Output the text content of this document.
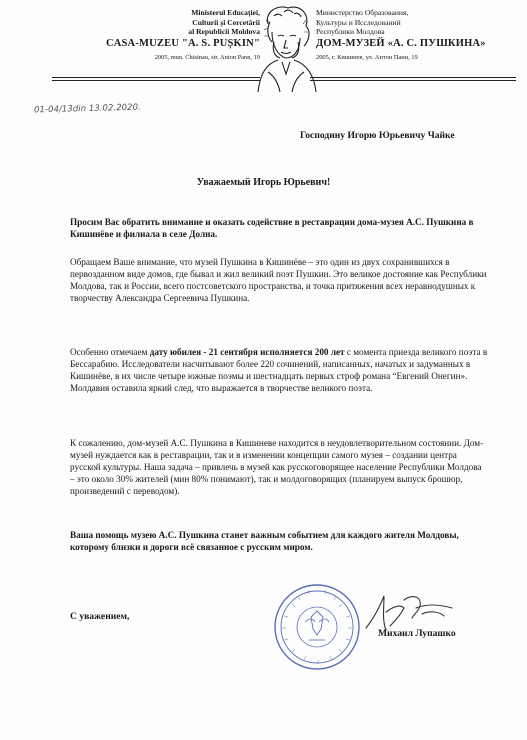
Ministerul Educației,
Culturii și Cercetării
al Republicii Moldova
CASA-MUZEU "A. S. PUȘKIN"
2005, mun. Chisinau, str. Anton Pann, 19
Министерство Образования,
Культуры и Исследований
Республики Молдова
ДОМ-МУЗЕЙ «А. С. ПУШКИНА»
2005, г. Кишинев, ул. Антон Панн, 19
01-04/13din 13.02.2020.
Господину Игорю Юрьевичу Чайке
Уважаемый Игорь Юрьевич!
Просим Вас обратить внимание и оказать содействие в реставрации дома-музея А.С. Пушкина в Кишинёве и филиала в селе Долна.
Обращаем Ваше внимание, что музей Пушкина в Кишинёве – это один из двух сохранившихся в первозданном виде домов, где бывал и жил великий поэт Пушкин. Это великое достояние как Республики Молдова, так и России, всего постсоветского пространства, и точка притяжения всех неравнодушных к творчеству Александра Сергеевича Пушкина.
Особенно отмечаем дату юбилея - 21 сентября исполняется 200 лет с момента приезда великого поэта в Бессарабию. Исследователи насчитывают более 220 сочинений, написанных, начатых и задуманных в Кишинёве, в их числе четыре южные поэмы и шестнадцать первых строф романа “Евгений Онегин». Молдавия оставила яркий след, что выражается в творчестве великого поэта.
К сожалению, дом-музей А.С. Пушкина в Кишиневе находится в неудовлетворительном состоянии. Дом-музей нуждается как в реставрации, так и в изменении концепции самого музея – создании центра русской культуры. Наша задача – привлечь в музей как русскоговорящее население Республики Молдова – это около 30% жителей (мин 80% понимают), так и молдоговорящих (планируем выпуск брошюр, произведений с переводом).
Ваша помощь музею А.С. Пушкина станет важным событием для каждого жителя Молдовы, которому близки и дороги всё связанное с русским миром.
С уважением,
Михаил Лупашко
